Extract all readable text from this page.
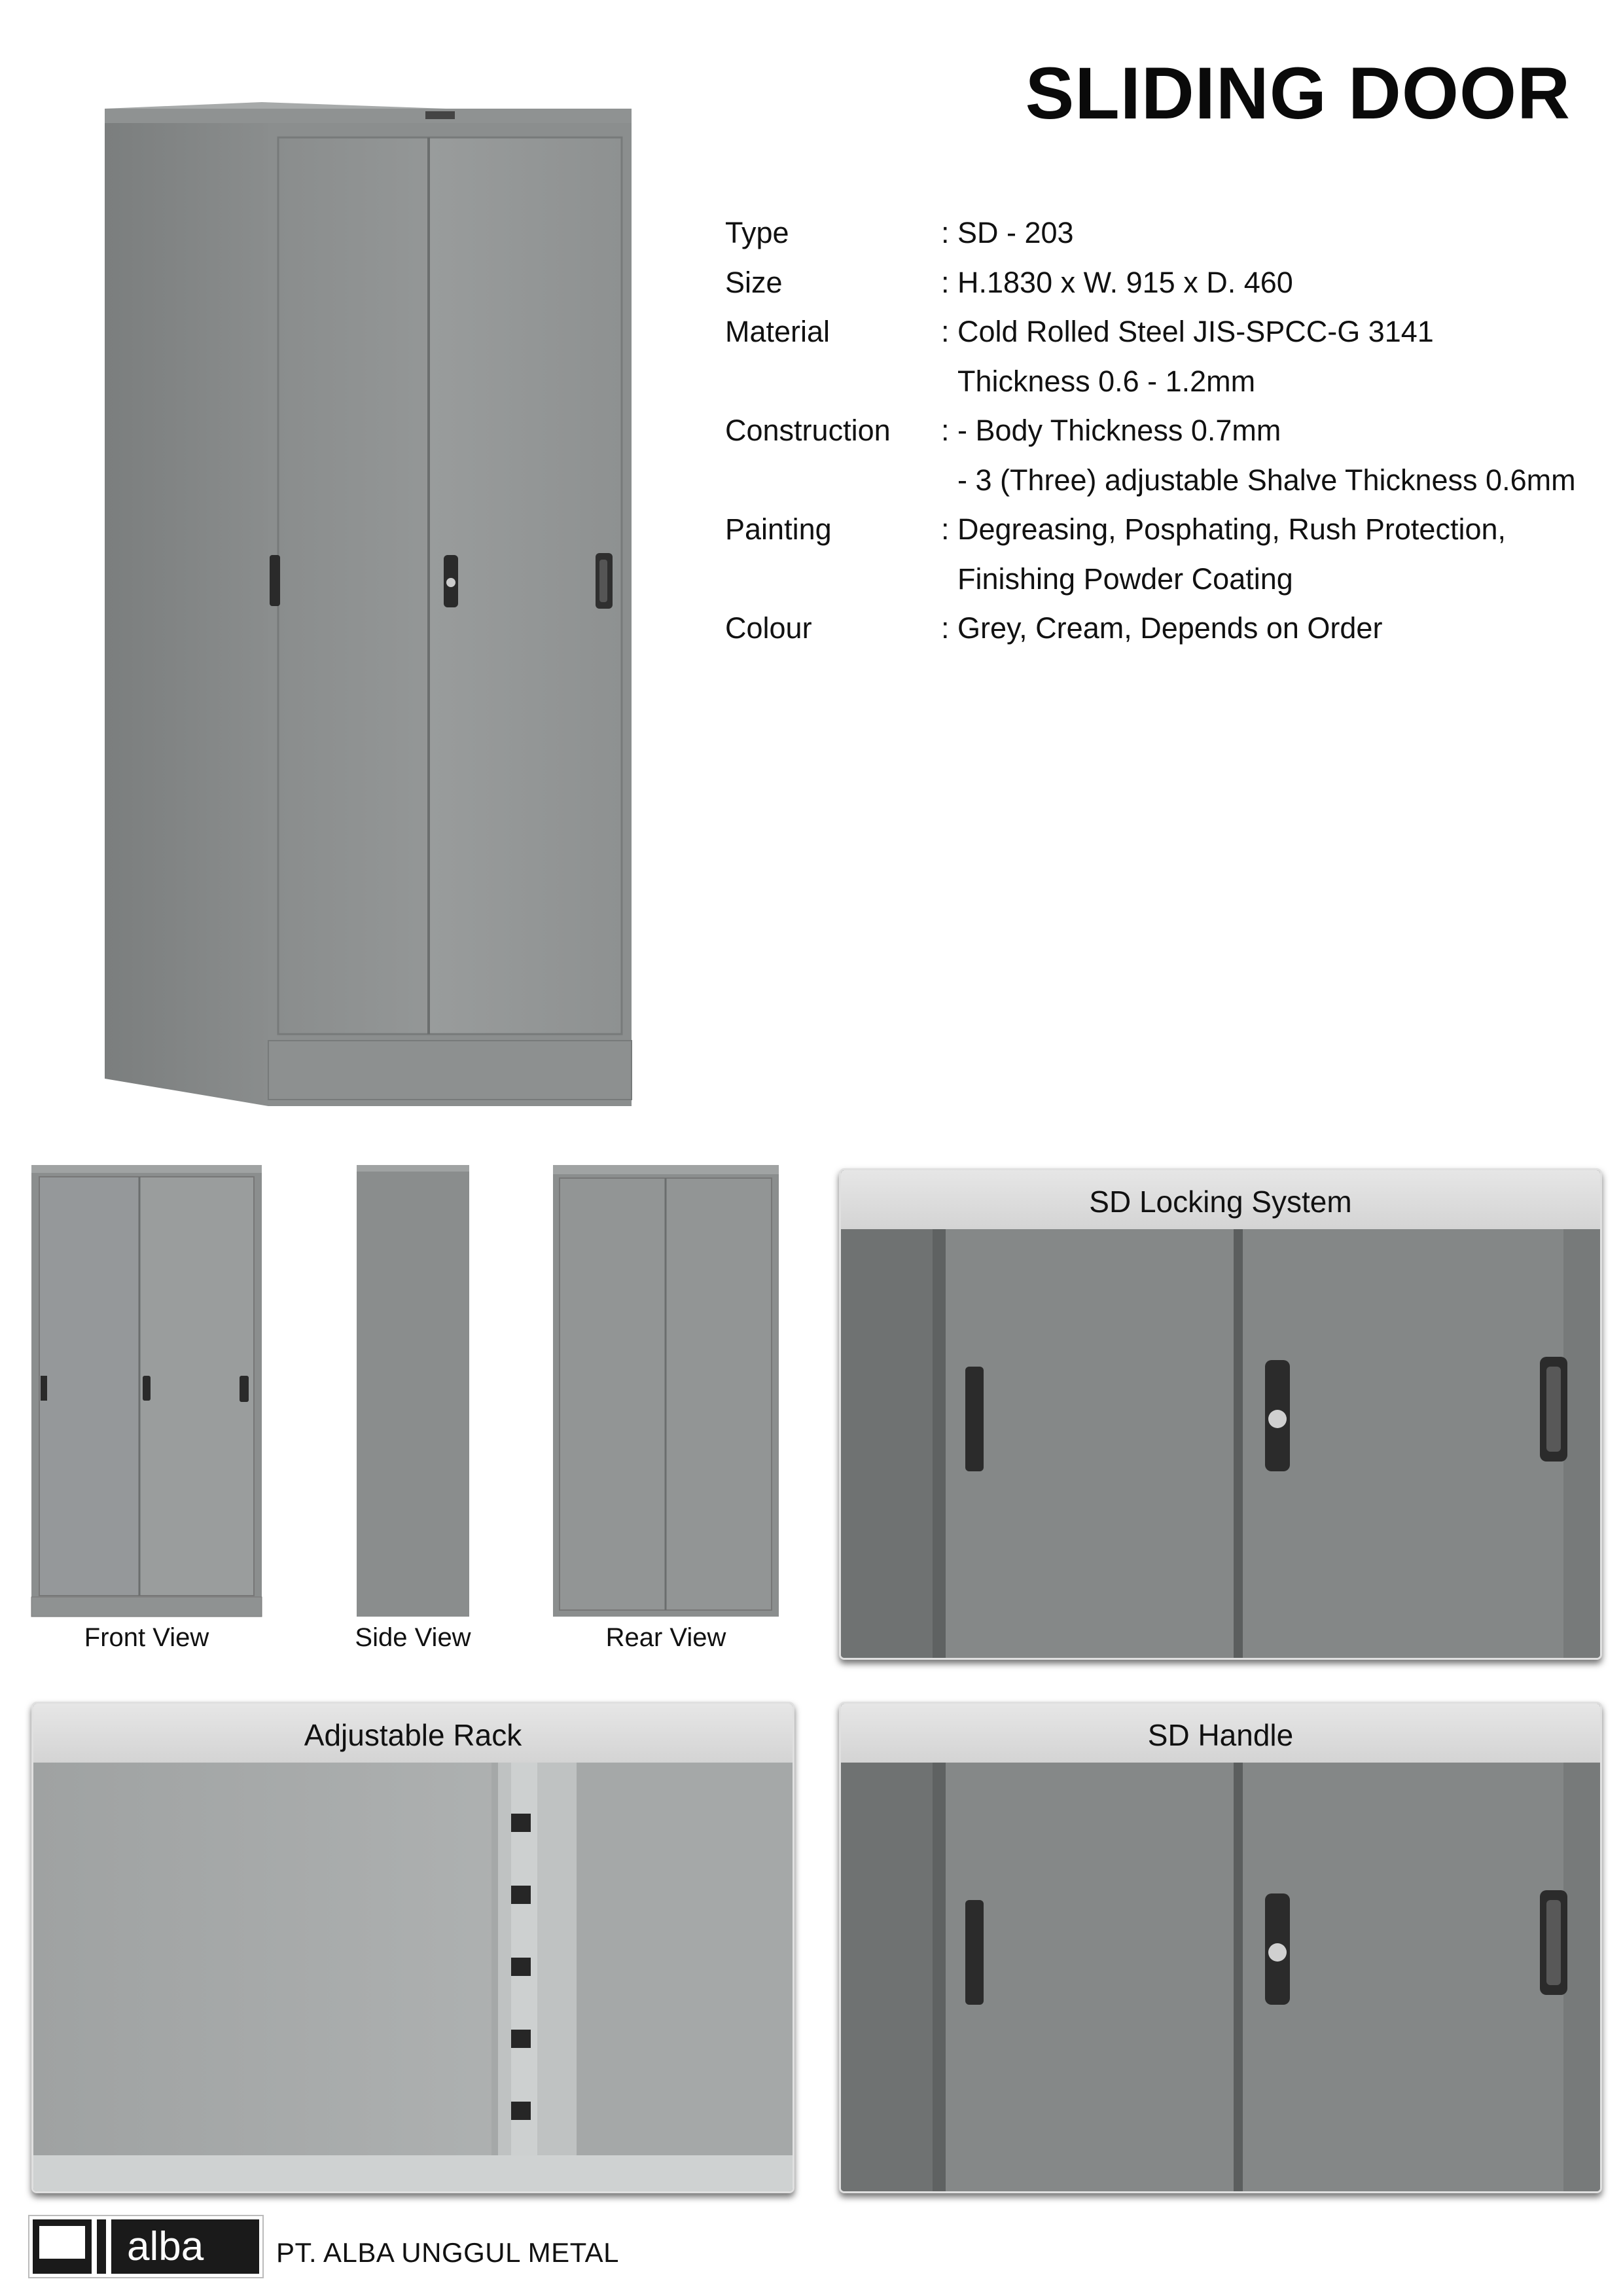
SLIDING DOOR
Type	: SD - 203
Size	: H.1830 x W. 915 x D. 460
Material	: Cold Rolled Steel JIS-SPCC-G 3141
Thickness 0.6 - 1.2mm
Construction	: - Body Thickness 0.7mm
- 3 (Three) adjustable Shalve Thickness 0.6mm
Painting	: Degreasing, Posphating, Rush Protection,
Finishing Powder Coating
Colour	: Grey, Cream, Depends on Order
Front View	Side View	Rear View
SD Locking System
Adjustable Rack	SD Handle
alba	PT. ALBA UNGGUL METAL
